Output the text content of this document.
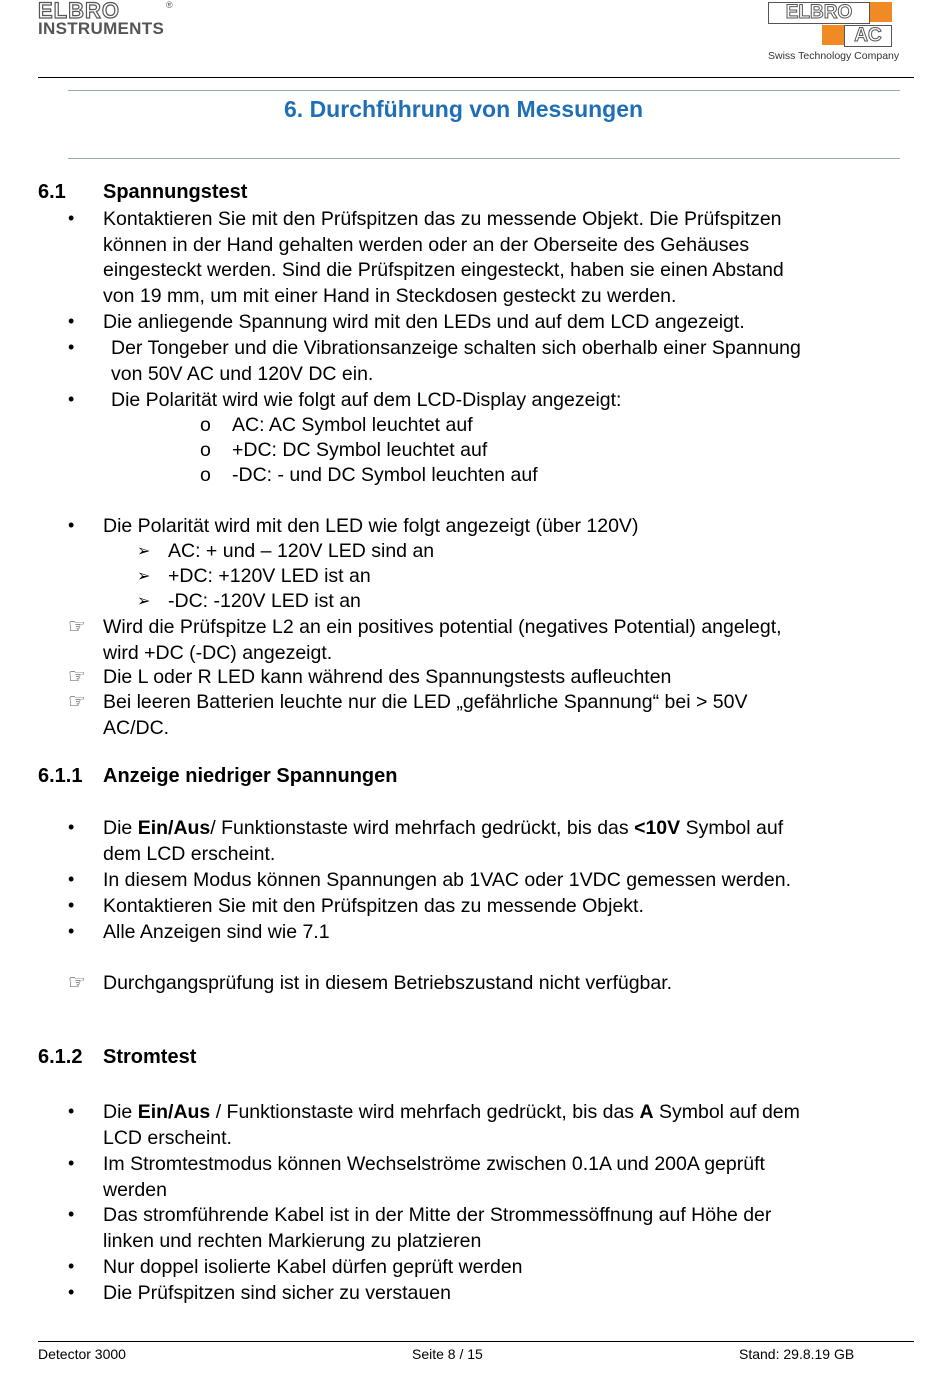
ELBRO	®
INSTRUMENTS
ELBRO
AC
Swiss Technology Company
6. Durchführung von Messungen
6.1 Spannungstest
• Kontaktieren Sie mit den Prüfspitzen das zu messende Objekt. Die Prüfspitzen
können in der Hand gehalten werden oder an der Oberseite des Gehäuses
eingesteckt werden. Sind die Prüfspitzen eingesteckt, haben sie einen Abstand
von 19 mm, um mit einer Hand in Steckdosen gesteckt zu werden.
• Die anliegende Spannung wird mit den LEDs und auf dem LCD angezeigt.
• Der Tongeber und die Vibrationsanzeige schalten sich oberhalb einer Spannung
von 50V AC und 120V DC ein.
• Die Polarität wird wie folgt auf dem LCD-Display angezeigt:
o AC: AC Symbol leuchtet auf
o +DC: DC Symbol leuchtet auf
o -DC: - und DC Symbol leuchten auf
• Die Polarität wird mit den LED wie folgt angezeigt (über 120V)
➢ AC: + und – 120V LED sind an
➢ +DC: +120V LED ist an
➢ -DC: -120V LED ist an
☞ Wird die Prüfspitze L2 an ein positives potential (negatives Potential) angelegt,
wird +DC (-DC) angezeigt.
☞ Die L oder R LED kann während des Spannungstests aufleuchten
☞ Bei leeren Batterien leuchte nur die LED „gefährliche Spannung“ bei > 50V
AC/DC.
6.1.1 Anzeige niedriger Spannungen
• Die Ein/Aus/ Funktionstaste wird mehrfach gedrückt, bis das <10V Symbol auf
dem LCD erscheint.
• In diesem Modus können Spannungen ab 1VAC oder 1VDC gemessen werden.
• Kontaktieren Sie mit den Prüfspitzen das zu messende Objekt.
• Alle Anzeigen sind wie 7.1
☞ Durchgangsprüfung ist in diesem Betriebszustand nicht verfügbar.
6.1.2 Stromtest
• Die Ein/Aus / Funktionstaste wird mehrfach gedrückt, bis das A Symbol auf dem
LCD erscheint.
• Im Stromtestmodus können Wechselströme zwischen 0.1A und 200A geprüft
werden
• Das stromführende Kabel ist in der Mitte der Strommessöffnung auf Höhe der
linken und rechten Markierung zu platzieren
• Nur doppel isolierte Kabel dürfen geprüft werden
• Die Prüfspitzen sind sicher zu verstauen
Detector 3000	Seite 8 / 15	Stand: 29.8.19 GB
